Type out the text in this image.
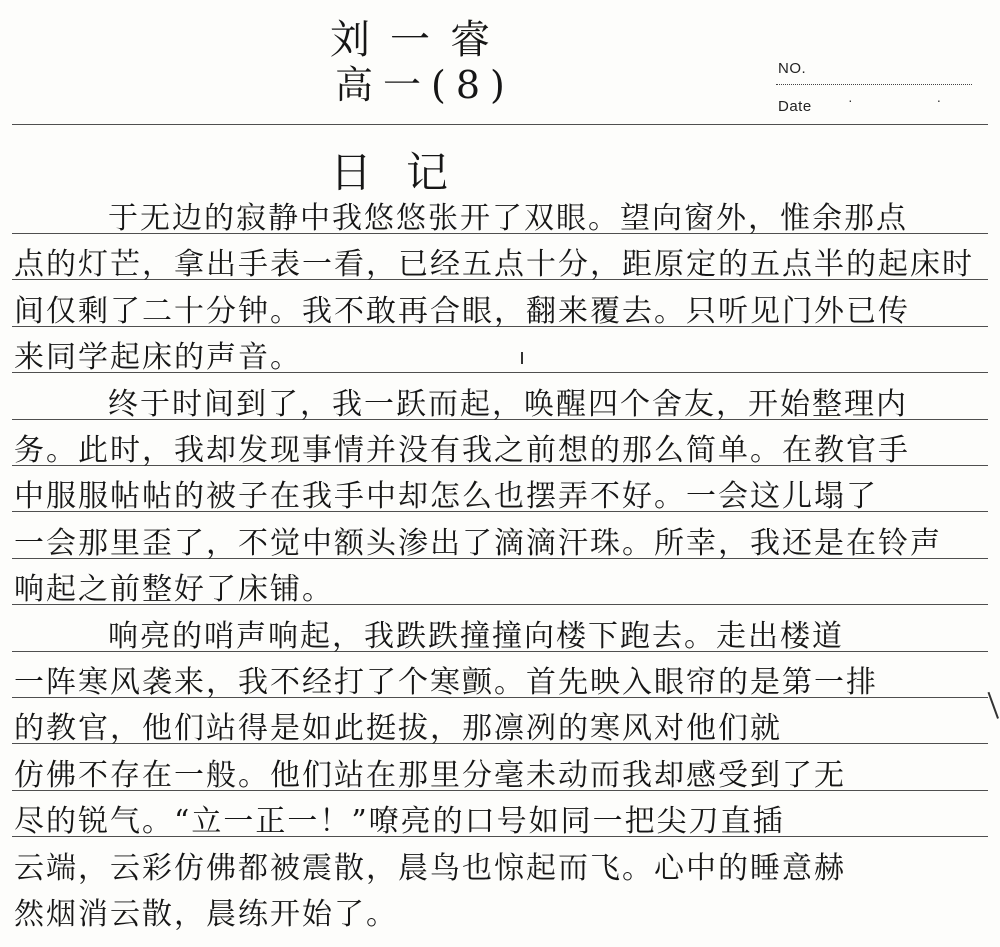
刘一睿
高一(8)	NO.
Date	· ·
日记
于无边的寂静中我悠悠张开了双眼。望向窗外，惟余那点
点的灯芒，拿出手表一看，已经五点十分，距原定的五点半的起床时
间仅剩了二十分钟。我不敢再合眼，翻来覆去。只听见门外已传
来同学起床的声音。
终于时间到了，我一跃而起，唤醒四个舍友，开始整理内
务。此时，我却发现事情并没有我之前想的那么简单。在教官手
中服服帖帖的被子在我手中却怎么也摆弄不好。一会这儿塌了
一会那里歪了，不觉中额头渗出了滴滴汗珠。所幸，我还是在铃声
响起之前整好了床铺。
响亮的哨声响起，我跌跌撞撞向楼下跑去。走出楼道
一阵寒风袭来，我不经打了个寒颤。首先映入眼帘的是第一排
的教官，他们站得是如此挺拔，那凛冽的寒风对他们就
仿佛不存在一般。他们站在那里分毫未动而我却感受到了无
尽的锐气。“立一正一！”嘹亮的口号如同一把尖刀直插
云端，云彩仿佛都被震散，晨鸟也惊起而飞。心中的睡意赫
然烟消云散，晨练开始了。
